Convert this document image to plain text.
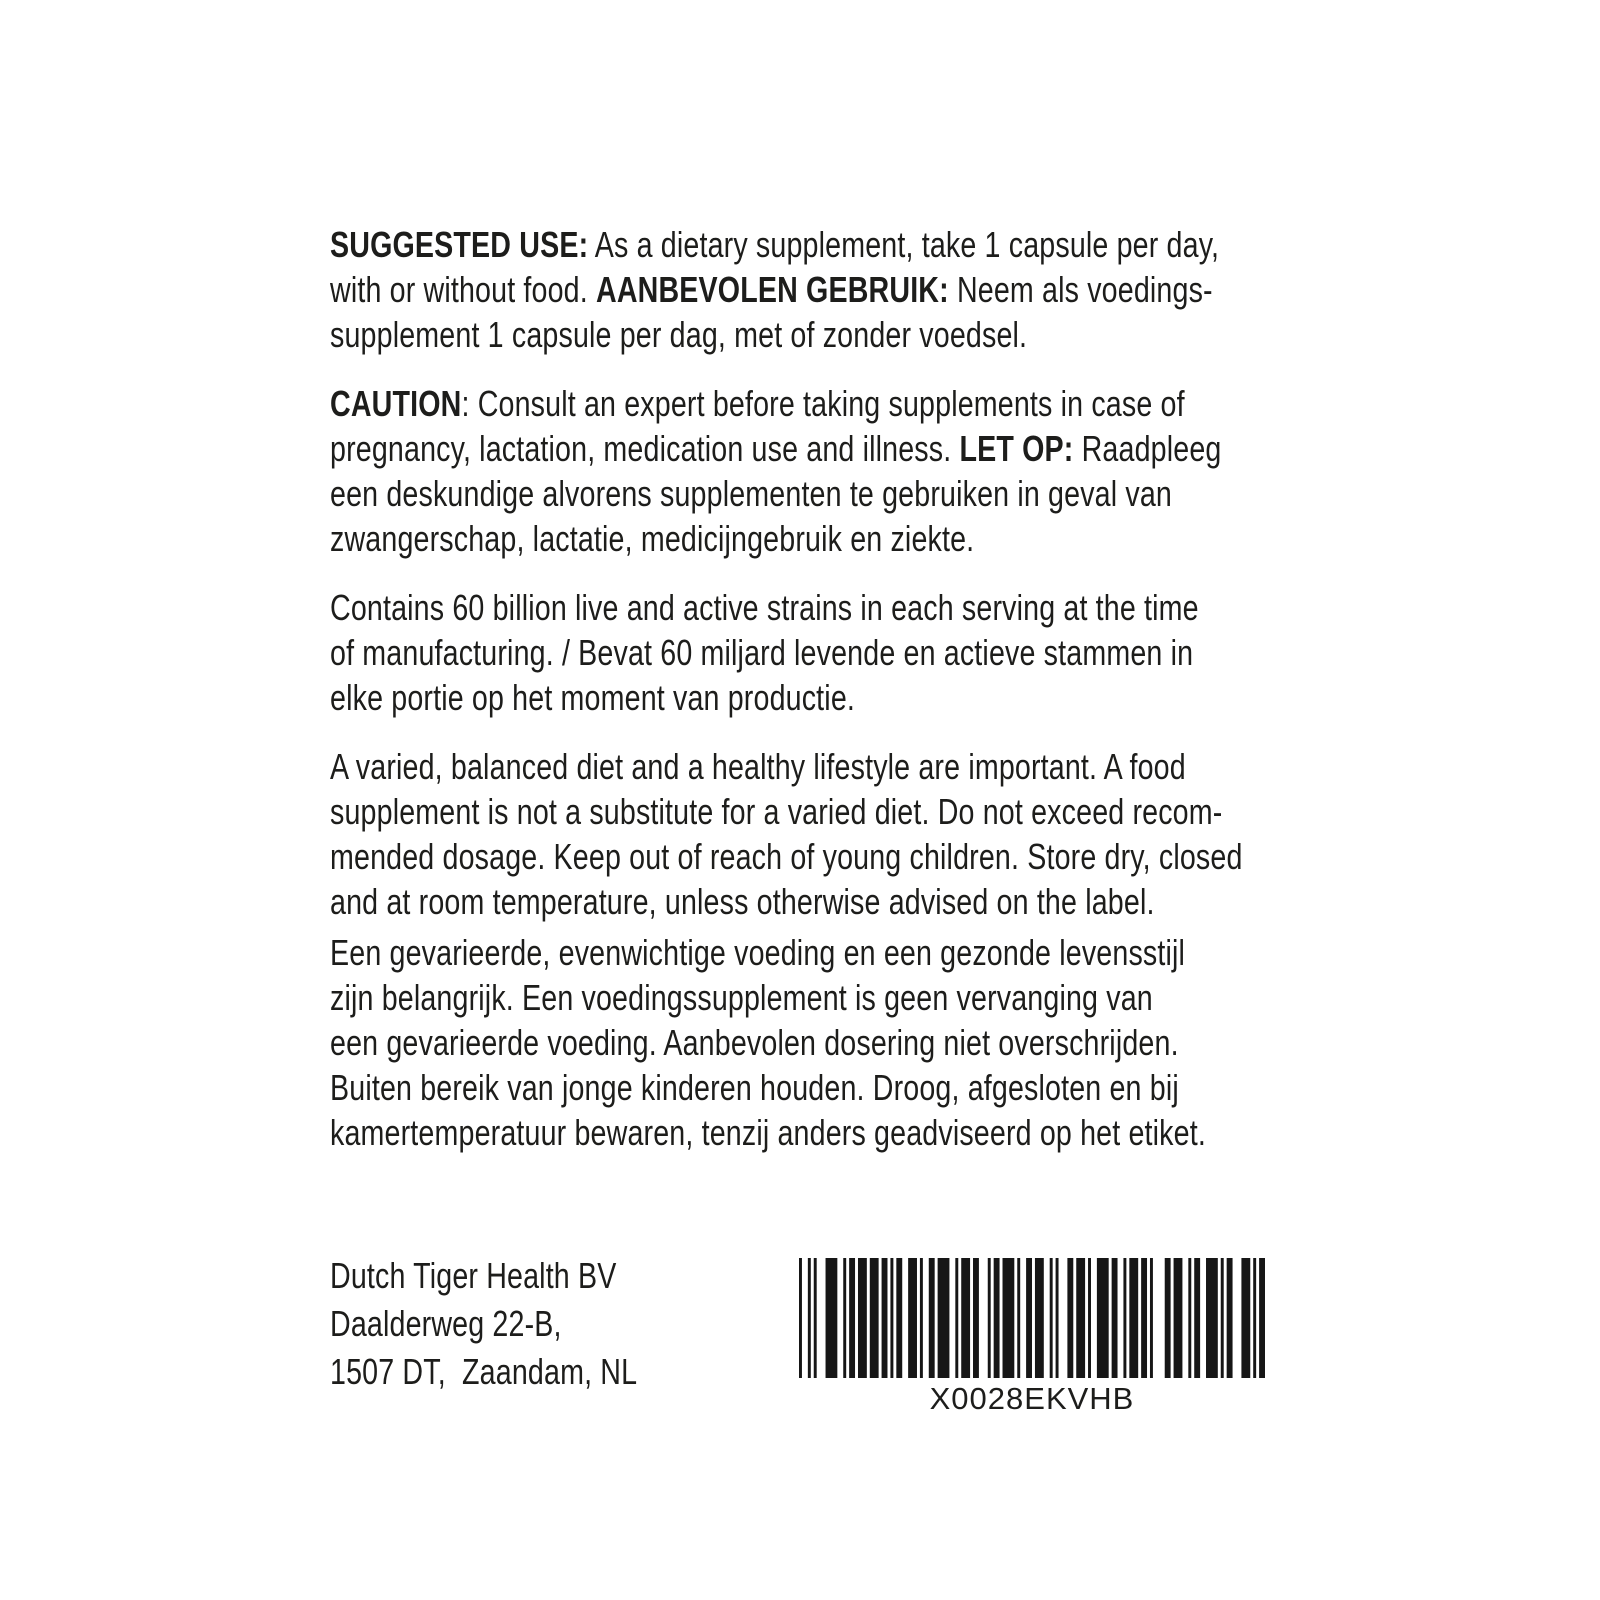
SUGGESTED USE: As a dietary supplement, take 1 capsule per day,
with or without food. AANBEVOLEN GEBRUIK: Neem als voedings-
supplement 1 capsule per dag, met of zonder voedsel.

CAUTION: Consult an expert before taking supplements in case of
pregnancy, lactation, medication use and illness. LET OP: Raadpleeg
een deskundige alvorens supplementen te gebruiken in geval van
zwangerschap, lactatie, medicijngebruik en ziekte.

Contains 60 billion live and active strains in each serving at the time
of manufacturing. / Bevat 60 miljard levende en actieve stammen in
elke portie op het moment van productie.

A varied, balanced diet and a healthy lifestyle are important. A food
supplement is not a substitute for a varied diet. Do not exceed recom-
mended dosage. Keep out of reach of young children. Store dry, closed
and at room temperature, unless otherwise advised on the label.

Een gevarieerde, evenwichtige voeding en een gezonde levensstijl
zijn belangrijk. Een voedingssupplement is geen vervanging van
een gevarieerde voeding. Aanbevolen dosering niet overschrijden.
Buiten bereik van jonge kinderen houden. Droog, afgesloten en bij
kamertemperatuur bewaren, tenzij anders geadviseerd op het etiket.

Dutch Tiger Health BV
Daalderweg 22-B,
1507 DT,  Zaandam, NL
X0028EKVHB
